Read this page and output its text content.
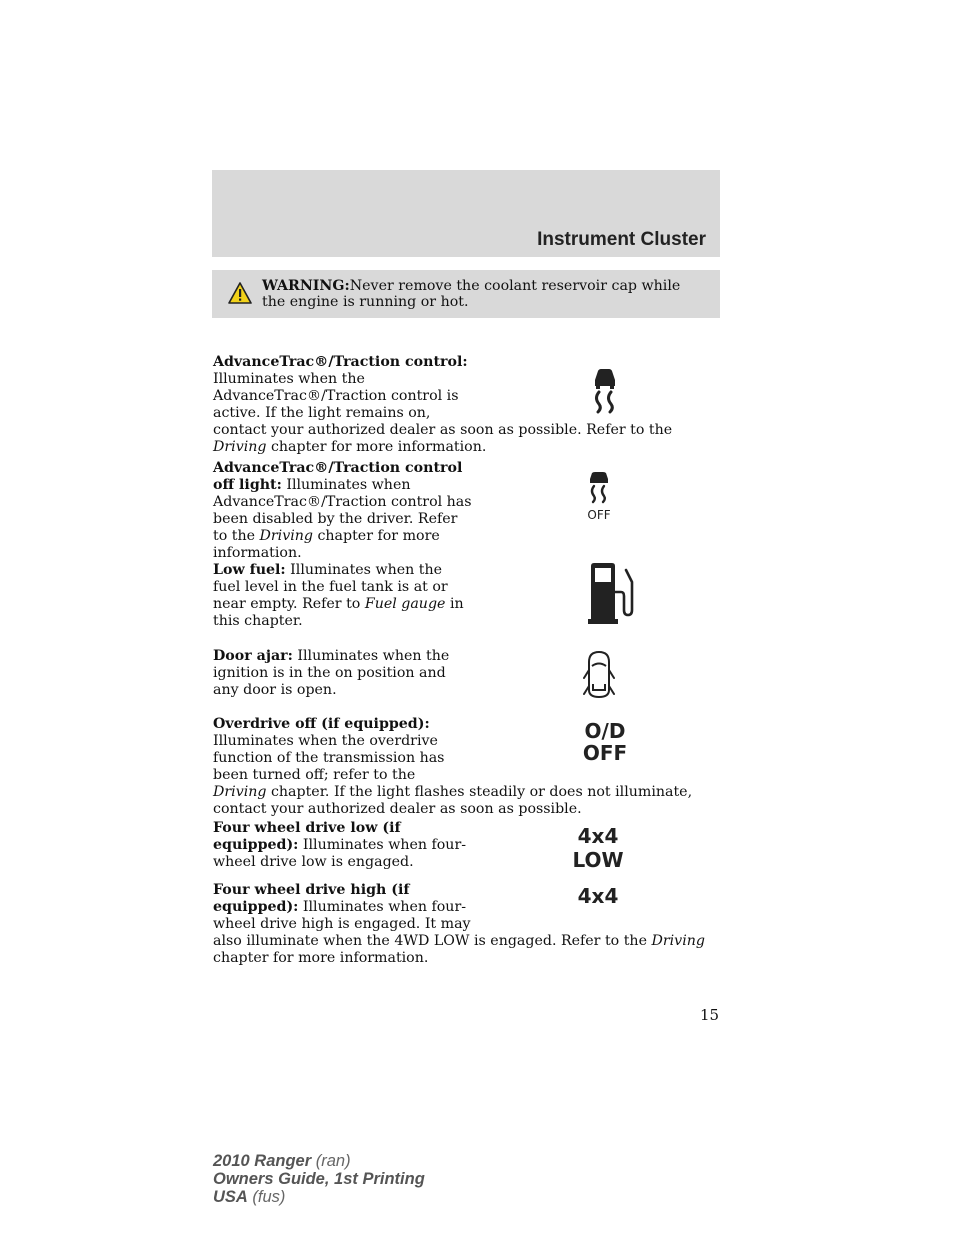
Instrument Cluster
WARNING:Never remove the coolant reservoir cap while the engine is running or hot.
AdvanceTrac®/Traction control:
Illuminates when the AdvanceTrac®/Traction control is active. If the light remains on, contact your authorized dealer as soon as possible. Refer to the Driving chapter for more information.
AdvanceTrac®/Traction control off light: Illuminates when AdvanceTrac®/Traction control has been disabled by the driver. Refer to the Driving chapter for more information.
OFF
Low fuel: Illuminates when the fuel level in the fuel tank is at or near empty. Refer to Fuel gauge in this chapter.
Door ajar: Illuminates when the ignition is in the on position and any door is open.
Overdrive off (if equipped):
Illuminates when the overdrive function of the transmission has been turned off; refer to the
Driving chapter. If the light flashes steadily or does not illuminate, contact your authorized dealer as soon as possible.
O/D
OFF
Four wheel drive low (if equipped): Illuminates when four-wheel drive low is engaged.
4x4
LOW
Four wheel drive high (if equipped): Illuminates when four-wheel drive high is engaged. It may also illuminate when the 4WD LOW is engaged. Refer to the Driving chapter for more information.
4x4
15
2010 Ranger (ran)
Owners Guide, 1st Printing
USA (fus)
